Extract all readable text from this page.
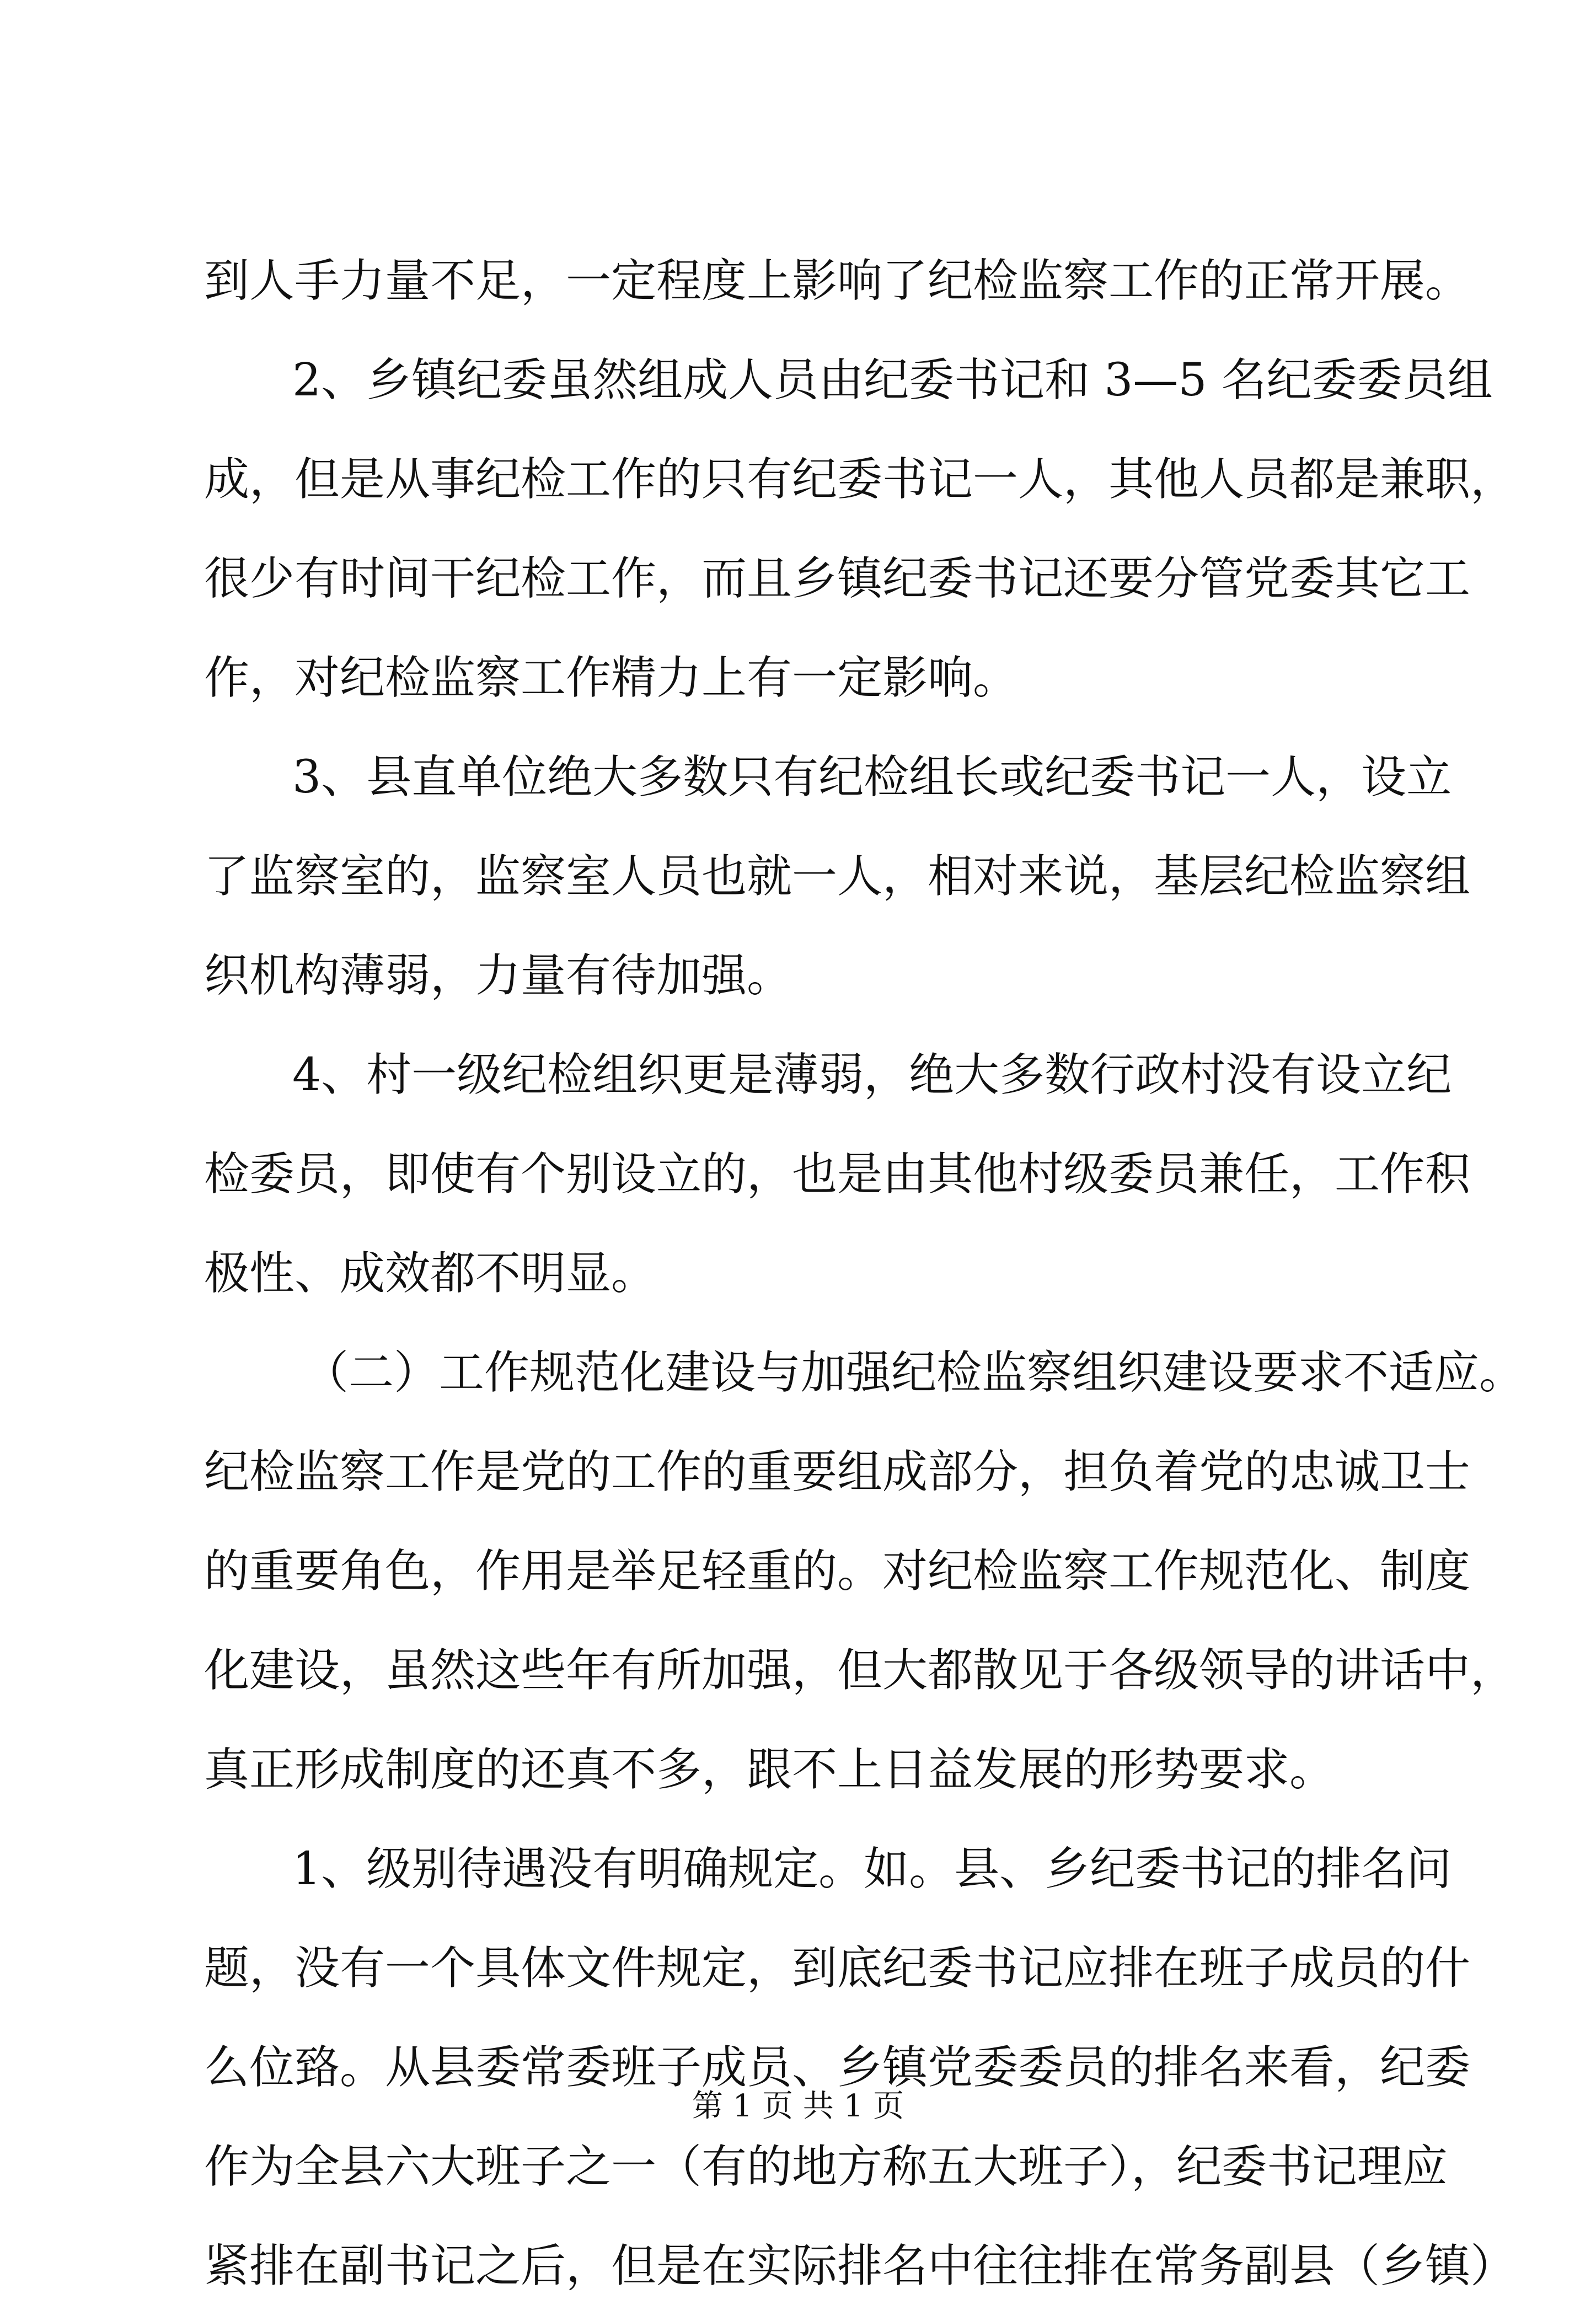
到人手力量不足，一定程度上影响了纪检监察工作的正常开展。
2、乡镇纪委虽然组成人员由纪委书记和 3—5 名纪委委员组
成，但是从事纪检工作的只有纪委书记一人，其他人员都是兼职，
很少有时间干纪检工作，而且乡镇纪委书记还要分管党委其它工
作，对纪检监察工作精力上有一定影响。
3、县直单位绝大多数只有纪检组长或纪委书记一人，设立
了监察室的，监察室人员也就一人，相对来说，基层纪检监察组
织机构薄弱，力量有待加强。
4、村一级纪检组织更是薄弱，绝大多数行政村没有设立纪
检委员，即使有个别设立的，也是由其他村级委员兼任，工作积
极性、成效都不明显。
（二）工作规范化建设与加强纪检监察组织建设要求不适应。
纪检监察工作是党的工作的重要组成部分，担负着党的忠诚卫士
的重要角色，作用是举足轻重的。对纪检监察工作规范化、制度
化建设，虽然这些年有所加强，但大都散见于各级领导的讲话中，
真正形成制度的还真不多，跟不上日益发展的形势要求。
1、级别待遇没有明确规定。如。县、乡纪委书记的排名问
题，没有一个具体文件规定，到底纪委书记应排在班子成员的什
么位臵。从县委常委班子成员、乡镇党委委员的排名来看，纪委
作为全县六大班子之一（有的地方称五大班子），纪委书记理应
紧排在副书记之后，但是在实际排名中往往排在常务副县（乡镇）
第 1 页 共 1 页
